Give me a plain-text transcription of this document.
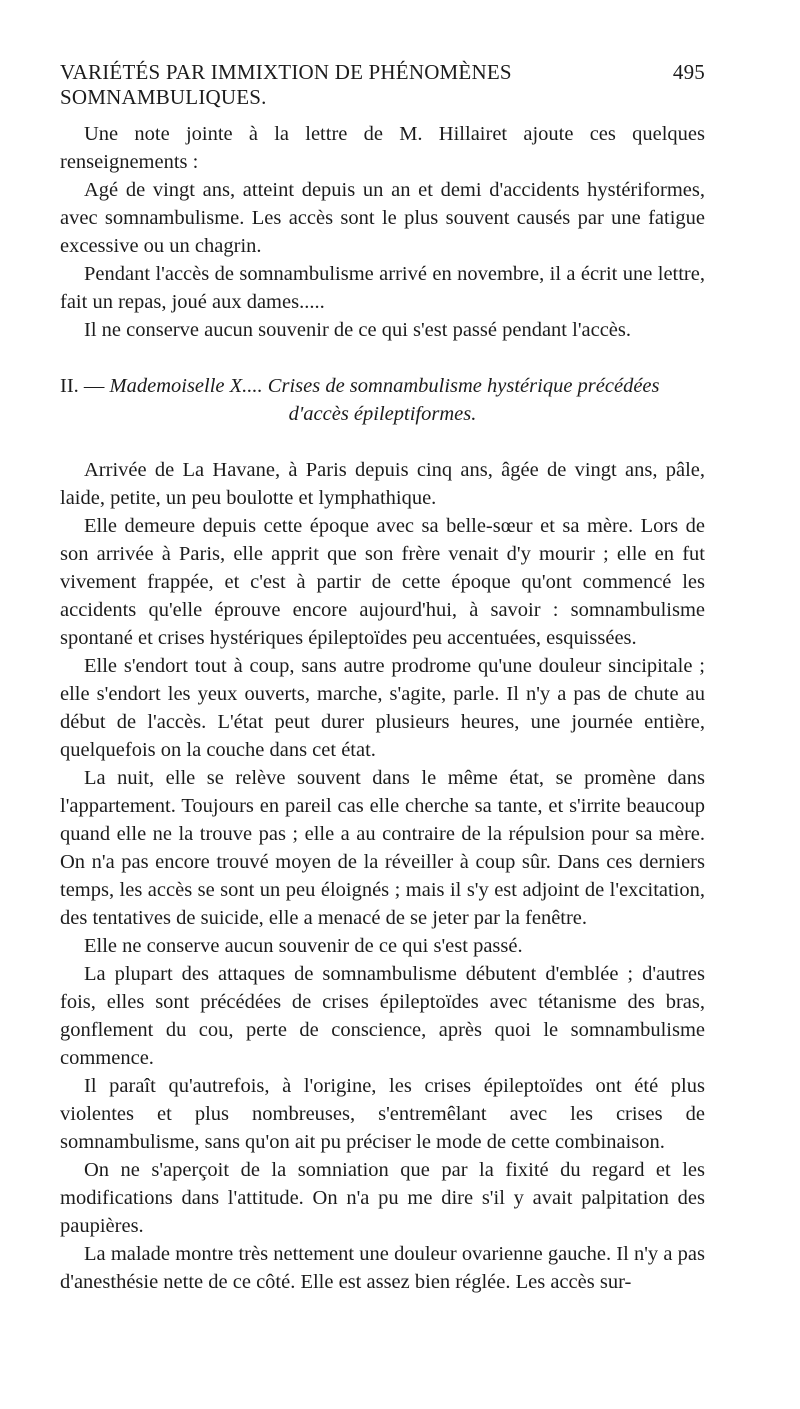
VARIÉTÉS PAR IMMIXTION DE PHÉNOMÈNES SOMNAMBULIQUES.
495

Une note jointe à la lettre de M. Hillairet ajoute ces quelques renseignements :

Agé de vingt ans, atteint depuis un an et demi d'accidents hystériformes, avec somnambulisme. Les accès sont le plus souvent causés par une fatigue excessive ou un chagrin.

Pendant l'accès de somnambulisme arrivé en novembre, il a écrit une lettre, fait un repas, joué aux dames.....

Il ne conserve aucun souvenir de ce qui s'est passé pendant l'accès.

II. — Mademoiselle X.... Crises de somnambulisme hystérique précédées
d'accès épileptiformes.

Arrivée de La Havane, à Paris depuis cinq ans, âgée de vingt ans, pâle, laide, petite, un peu boulotte et lymphathique.

Elle demeure depuis cette époque avec sa belle-sœur et sa mère. Lors de son arrivée à Paris, elle apprit que son frère venait d'y mourir ; elle en fut vivement frappée, et c'est à partir de cette époque qu'ont commencé les accidents qu'elle éprouve encore aujourd'hui, à savoir : somnambulisme spontané et crises hystériques épileptoïdes peu accentuées, esquissées.

Elle s'endort tout à coup, sans autre prodrome qu'une douleur sincipitale ; elle s'endort les yeux ouverts, marche, s'agite, parle. Il n'y a pas de chute au début de l'accès. L'état peut durer plusieurs heures, une journée entière, quelquefois on la couche dans cet état.

La nuit, elle se relève souvent dans le même état, se promène dans l'appartement. Toujours en pareil cas elle cherche sa tante, et s'irrite beaucoup quand elle ne la trouve pas ; elle a au contraire de la répulsion pour sa mère. On n'a pas encore trouvé moyen de la réveiller à coup sûr. Dans ces derniers temps, les accès se sont un peu éloignés ; mais il s'y est adjoint de l'excitation, des tentatives de suicide, elle a menacé de se jeter par la fenêtre.

Elle ne conserve aucun souvenir de ce qui s'est passé.

La plupart des attaques de somnambulisme débutent d'emblée ; d'autres fois, elles sont précédées de crises épileptoïdes avec tétanisme des bras, gonflement du cou, perte de conscience, après quoi le somnambulisme commence.

Il paraît qu'autrefois, à l'origine, les crises épileptoïdes ont été plus violentes et plus nombreuses, s'entremêlant avec les crises de somnambulisme, sans qu'on ait pu préciser le mode de cette combinaison.

On ne s'aperçoit de la somniation que par la fixité du regard et les modifications dans l'attitude. On n'a pu me dire s'il y avait palpitation des paupières.

La malade montre très nettement une douleur ovarienne gauche. Il n'y a pas d'anesthésie nette de ce côté. Elle est assez bien réglée. Les accès sur-
